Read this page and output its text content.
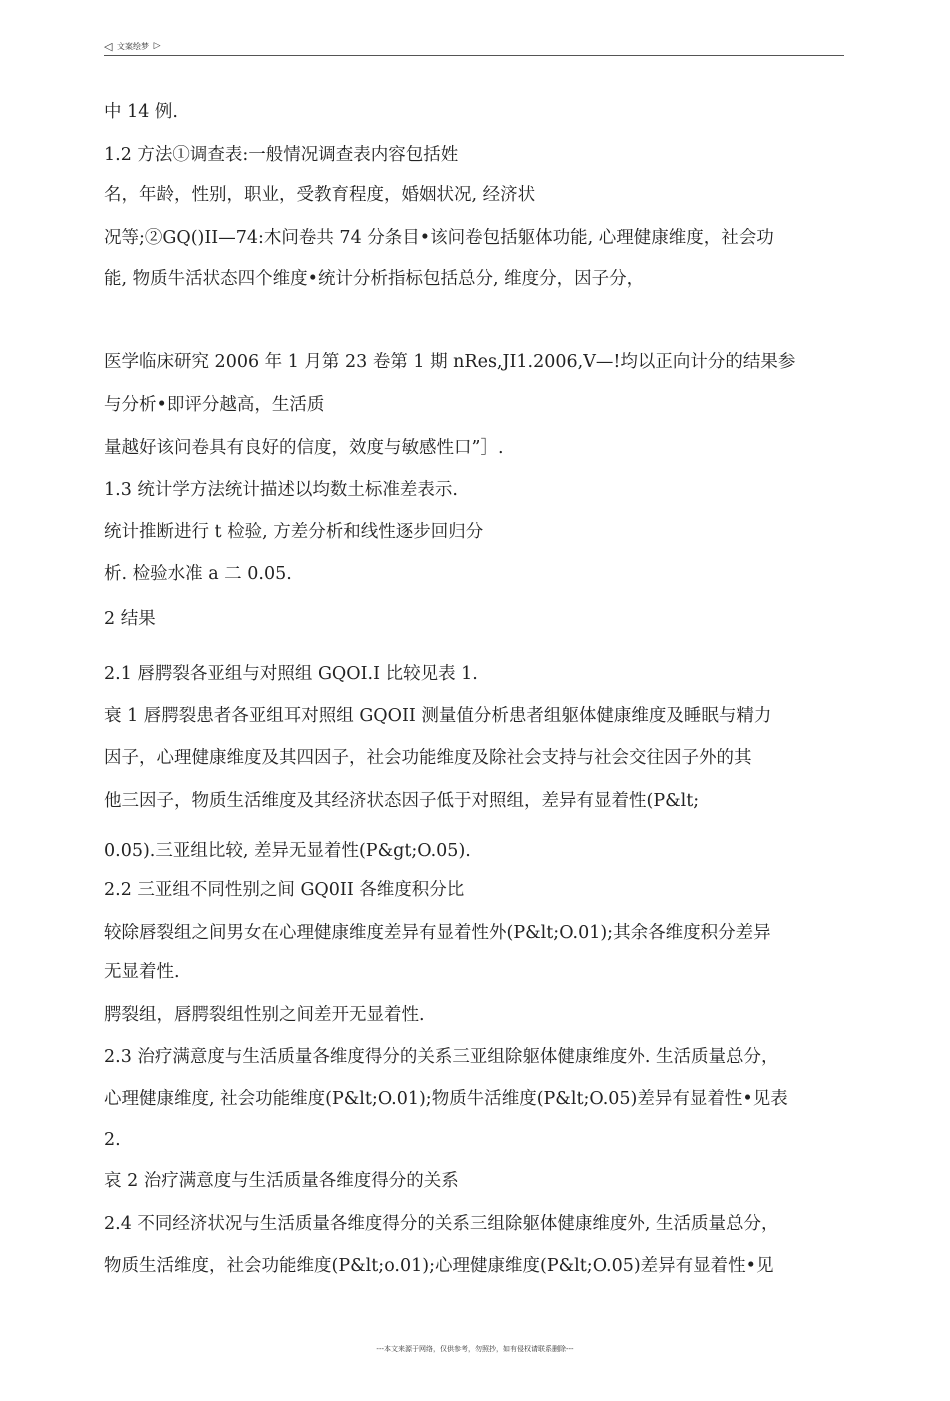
◁ 文案绘梦 ▷
中 14 例.
1.2 方法①调查表:一般情况调查表内容包括姓
名，年龄，性别，职业，受教育程度，婚姻状况, 经济状
况等;②GQ()II—74:木问卷共 74 分条目•该问卷包括躯体功能, 心理健康维度，社会功
能, 物质牛活状态四个维度•统计分析指标包括总分, 维度分，因子分，
医学临床研究 2006 年 1 月第 23 卷第 1 期 nRes,JI1.2006,V—!均以正向计分的结果参
与分析•即评分越高，生活质
量越好该问卷具有良好的信度，效度与敏感性口”］.
1.3 统计学方法统计描述以均数土标准差表示.
统计推断进行 t 检验, 方差分析和线性逐步回归分
析. 检验水准 a 二 0.05.
2 结果
2.1 唇腭裂各亚组与对照组 GQOI.I 比较见表 1.
衰 1 唇腭裂患者各亚组耳对照组 GQOII 测量值分析患者组躯体健康维度及睡眠与精力
因子，心理健康维度及其四因子，社会功能维度及除社会支持与社会交往因子外的其
他三因子，物质生活维度及其经济状态因子低于对照组，差异有显着性(P&lt;
0.05).三亚组比较, 差异无显着性(P&gt;O.05).
2.2 三亚组不同性别之间 GQ0II 各维度积分比
较除唇裂组之间男女在心理健康维度差异有显着性外(P&lt;O.01);其余各维度积分差异
无显着性.
腭裂组，唇腭裂组性别之间差开无显着性.
2.3 治疗满意度与生活质量各维度得分的关系三亚组除躯体健康维度外. 生活质量总分，
心理健康维度, 社会功能维度(P&lt;O.01);物质牛活维度(P&lt;O.05)差异有显着性•见表
2.
哀 2 治疗满意度与生活质量各维度得分的关系
2.4 不同经济状况与生活质量各维度得分的关系三组除躯体健康维度外, 生活质量总分，
物质生活维度，社会功能维度(P&lt;o.01);心理健康维度(P&lt;O.05)差异有显着性•见
---本文来源于网络，仅供参考，勿照抄，如有侵权请联系删除---
